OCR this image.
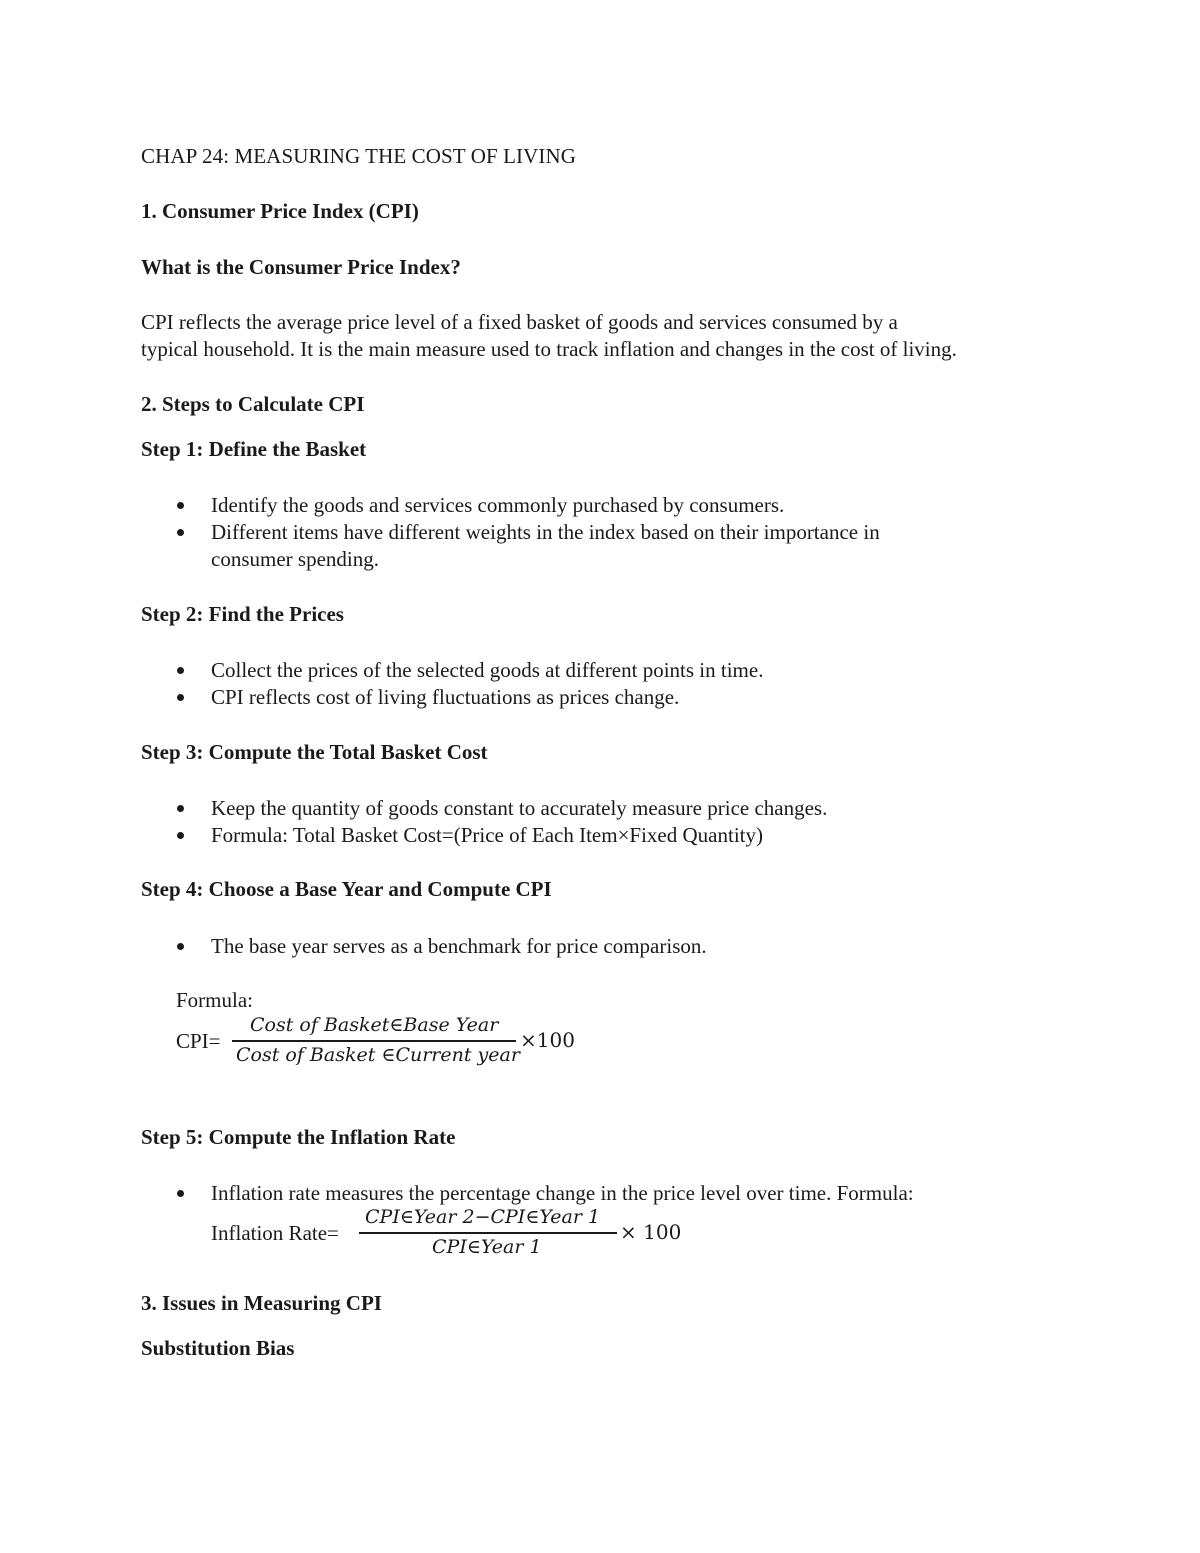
CHAP 24: MEASURING THE COST OF LIVING
1. Consumer Price Index (CPI)
What is the Consumer Price Index?
CPI reflects the average price level of a fixed basket of goods and services consumed by a
typical household. It is the main measure used to track inflation and changes in the cost of living.
2. Steps to Calculate CPI
Step 1: Define the Basket
Identify the goods and services commonly purchased by consumers.
Different items have different weights in the index based on their importance in
consumer spending.
Step 2: Find the Prices
Collect the prices of the selected goods at different points in time.
CPI reflects cost of living fluctuations as prices change.
Step 3: Compute the Total Basket Cost
Keep the quantity of goods constant to accurately measure price changes.
Formula: Total Basket Cost=(Price of Each Item×Fixed Quantity)
Step 4: Choose a Base Year and Compute CPI
The base year serves as a benchmark for price comparison.
Formula:
CPI=
Cost of Basket∈Base Year
Cost of Basket ∈Current year
×100
Step 5: Compute the Inflation Rate
Inflation rate measures the percentage change in the price level over time. Formula:
Inflation Rate=
CPI∈Year 2−CPI∈Year 1
CPI∈Year 1
× 100
3. Issues in Measuring CPI
Substitution Bias
